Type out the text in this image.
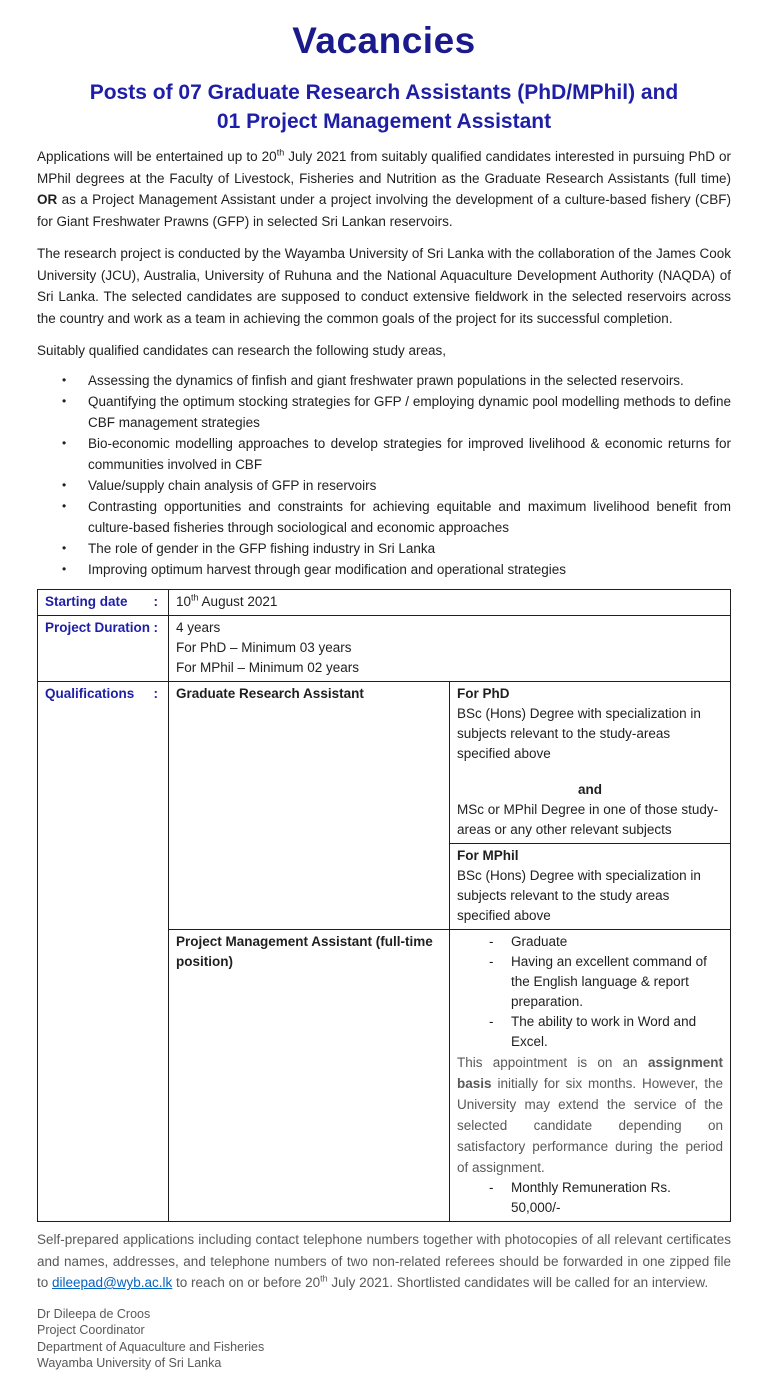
Vacancies
Posts of 07 Graduate Research Assistants (PhD/MPhil) and
01 Project Management Assistant
Applications will be entertained up to 20th July 2021 from suitably qualified candidates interested in pursuing PhD or MPhil degrees at the Faculty of Livestock, Fisheries and Nutrition as the Graduate Research Assistants (full time) OR as a Project Management Assistant under a project involving the development of a culture-based fishery (CBF) for Giant Freshwater Prawns (GFP) in selected Sri Lankan reservoirs.
The research project is conducted by the Wayamba University of Sri Lanka with the collaboration of the James Cook University (JCU), Australia, University of Ruhuna and the National Aquaculture Development Authority (NAQDA) of Sri Lanka. The selected candidates are supposed to conduct extensive fieldwork in the selected reservoirs across the country and work as a team in achieving the common goals of the project for its successful completion.
Suitably qualified candidates can research the following study areas,
•	Assessing the dynamics of finfish and giant freshwater prawn populations in the selected reservoirs.
•	Quantifying the optimum stocking strategies for GFP / employing dynamic pool modelling methods to define CBF management strategies
•	Bio-economic modelling approaches to develop strategies for improved livelihood & economic returns for communities involved in CBF
•	Value/supply chain analysis of GFP in reservoirs
•	Contrasting opportunities and constraints for achieving equitable and maximum livelihood benefit from culture-based fisheries through sociological and economic approaches
•	The role of gender in the GFP fishing industry in Sri Lanka
•	Improving optimum harvest through gear modification and operational strategies
Starting date :	10th August 2021	

Project Duration :	4 years
For PhD – Minimum 03 years
For MPhil – Minimum 02 years

Qualifications :	Graduate Research Assistant	For PhD
BSc (Hons) Degree with specialization in subjects relevant to the study-areas specified above
and
MSc or MPhil Degree in one of those study-areas or any other relevant subjects

		For MPhil
BSc (Hons) Degree with specialization in subjects relevant to the study areas specified above

Project Management Assistant (full-time position)	
-	Graduate
-	Having an excellent command of the English language & report preparation.
-	The ability to work in Word and Excel.
This appointment is on an assignment basis initially for six months. However, the University may extend the service of the selected candidate depending on satisfactory performance during the period of assignment.
-	Monthly Remuneration Rs. 50,000/-
Self-prepared applications including contact telephone numbers together with photocopies of all relevant certificates and names, addresses, and telephone numbers of two non-related referees should be forwarded in one zipped file to dileepad@wyb.ac.lk to reach on or before 20th July 2021. Shortlisted candidates will be called for an interview.
Dr Dileepa de Croos
Project Coordinator
Department of Aquaculture and Fisheries
Wayamba University of Sri Lanka
